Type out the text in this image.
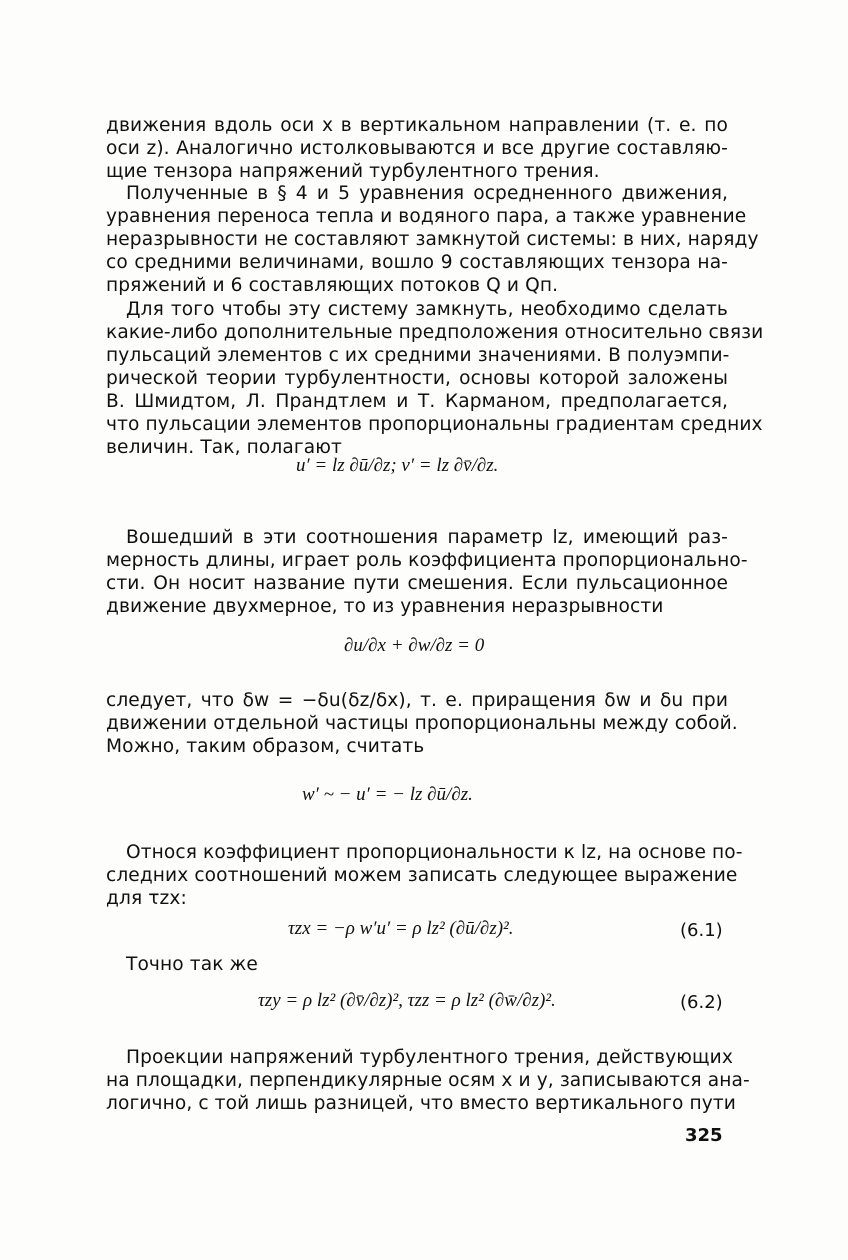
движения вдоль оси x в вертикальном направлении (т. е. по
оси z). Аналогично истолковываются и все другие составляю-
щие тензора напряжений турбулентного трения.
Полученные в § 4 и 5 уравнения осредненного движения,
уравнения переноса тепла и водяного пара, а также уравнение
неразрывности не составляют замкнутой системы: в них, наряду
со средними величинами, вошло 9 составляющих тензора на-
пряжений и 6 составляющих потоков Q и Qп.
Для того чтобы эту систему замкнуть, необходимо сделать
какие-либо дополнительные предположения относительно связи
пульсаций элементов с их средними значениями. В полуэмпи-
рической теории турбулентности, основы которой заложены
В. Шмидтом, Л. Прандтлем и Т. Карманом, предполагается,
что пульсации элементов пропорциональны градиентам средних
величин. Так, полагают
u′ = lz ∂ū/∂z; v′ = lz ∂v̄/∂z.
Вошедший в эти соотношения параметр lz, имеющий раз-
мерность длины, играет роль коэффициента пропорционально-
сти. Он носит название пути смешения. Если пульсационное
движение двухмерное, то из уравнения неразрывности
∂u/∂x + ∂w/∂z = 0
следует, что δw = −δu(δz/δx), т. е. приращения δw и δu при
движении отдельной частицы пропорциональны между собой.
Можно, таким образом, считать
w′ ~ − u′ = − lz ∂ū/∂z.
Относя коэффициент пропорциональности к lz, на основе по-
следних соотношений можем записать следующее выражение
для τzx:
τzx = −ρ w′u′ = ρ lz² (∂ū/∂z)².	(6.1)
Точно так же
τzy = ρ lz² (∂v̄/∂z)², τzz = ρ lz² (∂w̄/∂z)².	(6.2)
Проекции напряжений турбулентного трения, действующих
на площадки, перпендикулярные осям x и y, записываются ана-
логично, с той лишь разницей, что вместо вертикального пути
325
